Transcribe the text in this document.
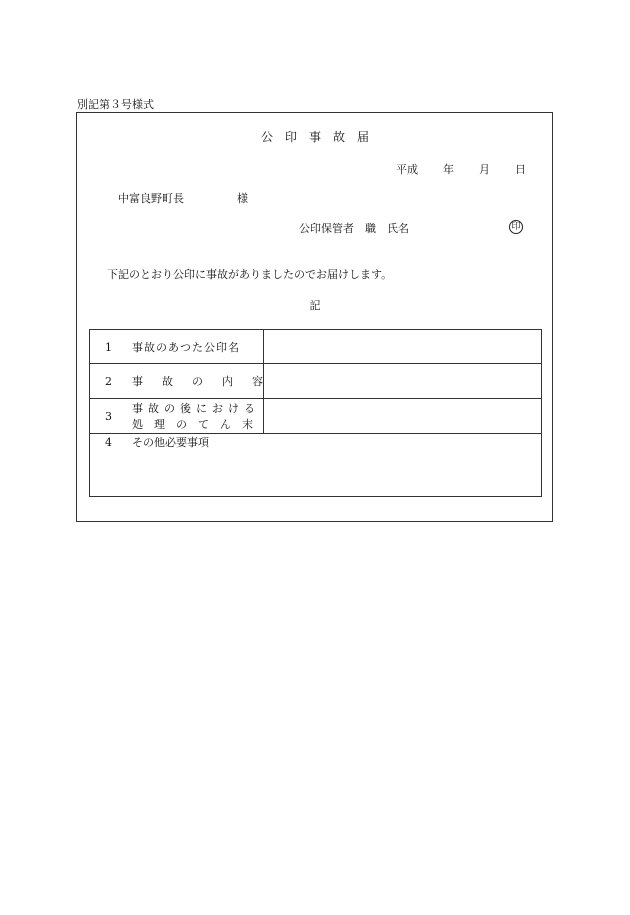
別記第３号様式
公　印　事　故　届
平成 年 月 日
中富良野町長	様
公印保管者　職　氏名	印
下記のとおり公印に事故がありましたのでお届けします。
記
1 事故のあつた公印名
2 事故の内容
3
事故の後における
処理のてん末
4 その他必要事項
